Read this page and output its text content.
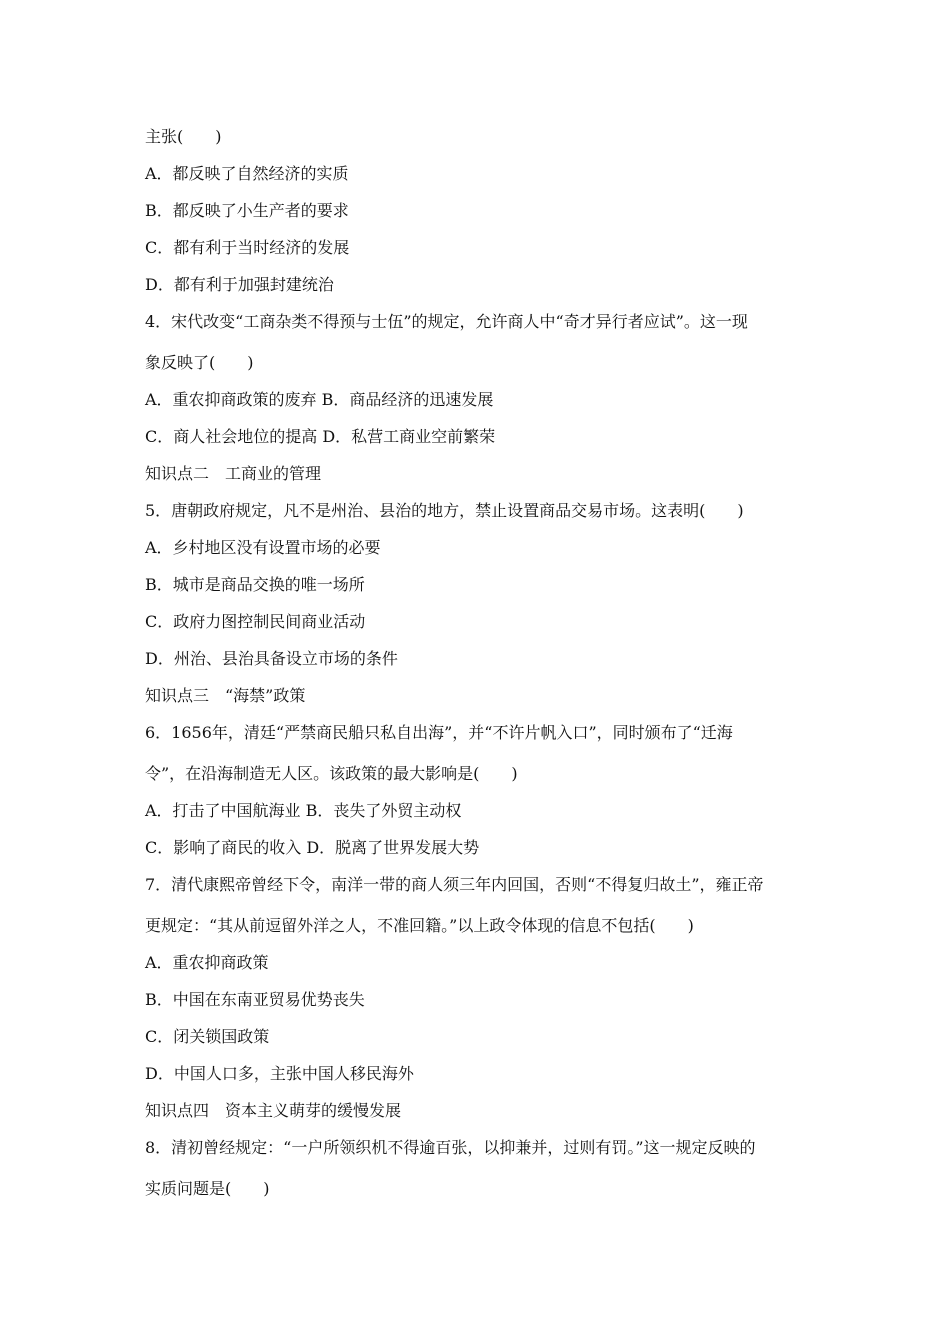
主张(　　)
A．都反映了自然经济的实质
B．都反映了小生产者的要求
C．都有利于当时经济的发展
D．都有利于加强封建统治
4．宋代改变“工商杂类不得预与士伍”的规定，允许商人中“奇才异行者应试”。这一现
象反映了(　　)
A．重农抑商政策的废弃 B．商品经济的迅速发展
C．商人社会地位的提高 D．私营工商业空前繁荣
知识点二　工商业的管理
5．唐朝政府规定，凡不是州治、县治的地方，禁止设置商品交易市场。这表明(　　)
A．乡村地区没有设置市场的必要
B．城市是商品交换的唯一场所
C．政府力图控制民间商业活动
D．州治、县治具备设立市场的条件
知识点三　“海禁”政策
6．1656年，清廷“严禁商民船只私自出海”，并“不许片帆入口”，同时颁布了“迁海
令”，在沿海制造无人区。该政策的最大影响是(　　)
A．打击了中国航海业 B．丧失了外贸主动权
C．影响了商民的收入 D．脱离了世界发展大势
7．清代康熙帝曾经下令，南洋一带的商人须三年内回国，否则“不得复归故土”，雍正帝
更规定：“其从前逗留外洋之人，不准回籍。”以上政令体现的信息不包括(　　)
A．重农抑商政策
B．中国在东南亚贸易优势丧失
C．闭关锁国政策
D．中国人口多，主张中国人移民海外
知识点四　资本主义萌芽的缓慢发展
8．清初曾经规定：“一户所领织机不得逾百张，以抑兼并，过则有罚。”这一规定反映的
实质问题是(　　)
